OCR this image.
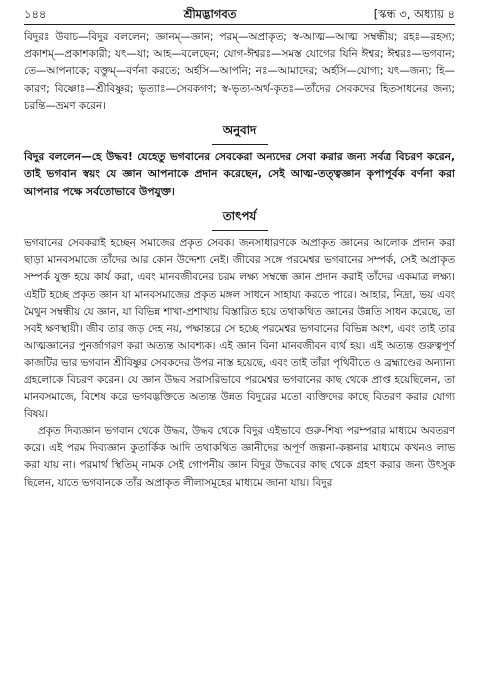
১৪৪	শ্রীমদ্ভাগবত	[স্কন্ধ ৩, অধ্যায় ৪

বিদুরঃ উবাচ—বিদুর বললেন; জ্ঞানম্—জ্ঞান; পরম্—অপ্রাকৃত; স্ব-আত্ম—আত্ম সম্বন্ধীয়; রহঃ—রহস্য; প্রকাশম্—প্রকাশকারী; যৎ—যা; আহ—বলেছেন; যোগ-ঈশ্বরঃ—সমস্ত যোগের যিনি ঈশ্বর; ঈশ্বরঃ—ভগবান; তে—আপনাকে; বক্তুম্—বর্ণনা করতে; অর্হসি—আপনি; নঃ—আমাদের; অর্হসি—যোগ্য; যৎ—জন্য; হি—কারণ; বিষ্ণোঃ—শ্রীবিষ্ণুর; ভৃত্যাঃ—সেবকগণ; স্ব-ভৃত্য-অর্থ-কৃতঃ—তাঁদের সেবকদের হিতসাধনের জন্য; চরন্তি—ভ্রমণ করেন।

অনুবাদ

বিদুর বললেন—হে উদ্ধব! যেহেতু ভগবানের সেবকেরা অন্যদের সেবা করার জন্য সর্বত্র বিচরণ করেন, তাই ভগবান স্বয়ং যে জ্ঞান আপনাকে প্রদান করেছেন, সেই আত্ম-তত্ত্বজ্ঞান কৃপাপূর্বক বর্ণনা করা আপনার পক্ষে সর্বতোভাবে উপযুক্ত।

তাৎপর্য

ভগবানের সেবকরাই হচ্ছেন সমাজের প্রকৃত সেবক। জনসাধারণকে অপ্রাকৃত জ্ঞানের আলোক প্রদান করা ছাড়া মানবসমাজে তাঁদের আর কোন উদ্দেশ্য নেই। জীবের সঙ্গে পরমেশ্বর ভগবানের সম্পর্ক, সেই অপ্রাকৃত সম্পর্ক যুক্ত হয়ে কার্য করা, এবং মানবজীবনের চরম লক্ষ্য সম্বন্ধে জ্ঞান প্রদান করাই তাঁদের একমাত্র লক্ষ্য। এইটি হচ্ছে প্রকৃত জ্ঞান যা মানবসমাজের প্রকৃত মঙ্গল সাধনে সাহায্য করতে পারে। আহার, নিদ্রা, ভয় এবং মৈথুন সম্বন্ধীয় যে জ্ঞান, যা বিভিন্ন শাখা-প্রশাখায় বিস্তারিত হয়ে তথাকথিত জ্ঞানের উন্নতি সাধন করেছে, তা সবই ক্ষণস্থায়ী। জীব তার জড় দেহ নয়, পক্ষান্তরে সে হচ্ছে পরমেশ্বর ভগবানের বিভিন্ন অংশ, এবং তাই তার আত্মজ্ঞানের পুনর্জাগরণ করা অত্যন্ত আবশ্যক। এই জ্ঞান বিনা মানবজীবন ব্যর্থ হয়। এই অত্যন্ত গুরুত্বপূর্ণ কাজটির ভার ভগবান শ্রীবিষ্ণুর সেবকদের উপর নাস্ত হয়েছে, এবং তাই তাঁরা পৃথিবীতে ও ব্রহ্মাণ্ডের অন্যান্য গ্রহলোকে বিচরণ করেন। যে জ্ঞান উদ্ধব সরাসরিভাবে পরমেশ্বর ভগবানের কাছ থেকে প্রাপ্ত হয়েছিলেন, তা মানবসমাজে, বিশেষ করে ভগবদ্ভক্তিতে অত্যন্ত উন্নত বিদুরের মতো ব্যক্তিদের কাছে বিতরণ করার যোগ্য বিষয়।

প্রকৃত দিব্যজ্ঞান ভগবান থেকে উদ্ধব, উদ্ধব থেকে বিদুর এইভাবে গুরু-শিষ্য পরম্পরার মাধ্যমে অবতরণ করে। এই পরম দিব্যজ্ঞান কুতার্কিক আদি তথাকথিত জ্ঞানীদের অপূর্ণ জল্পনা-কল্পনার মাধ্যমে কখনও লাভ করা যায় না। পরমার্থ স্থিতিম্ নামক সেই গোপনীয় জ্ঞান বিদুর উদ্ধবের কাছ থেকে গ্রহণ করার জন্য উৎসুক ছিলেন, যাতে ভগবানকে তাঁর অপ্রাকৃত লীলাসমূহের মাধ্যমে জানা যায়। বিদুর
